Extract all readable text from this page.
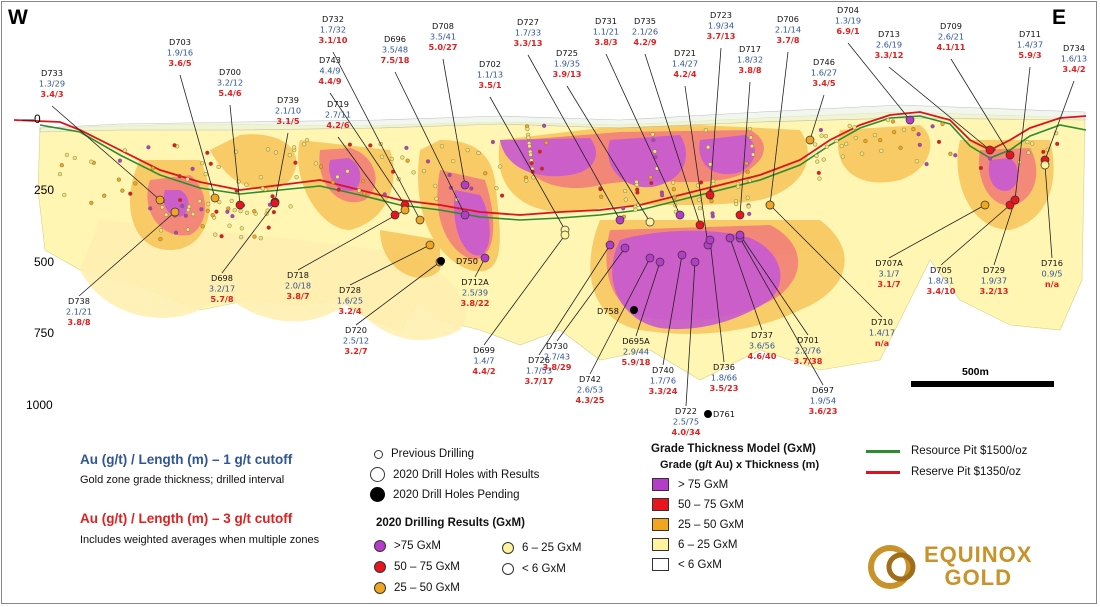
0
250
500
750
1000
D733
1.3/29
3.4/3
D703
1.9/16
3.6/5
D700
3.2/12
5.4/6
D739
2.1/10
3.1/5
D732
1.7/32
3.1/10
D743
4.4/9
4.4/9
D719
2.7/11
4.2/6
D696
3.5/48
7.5/18
D708
3.5/41
5.0/27
D702
1.1/13
3.5/1
D727
1.7/33
3.3/13
D725
1.9/35
3.9/13
D731
1.1/21
3.8/3
D735
2.1/26
4.2/9
D721
1.4/27
4.2/4
D723
1.9/34
3.7/13
D717
1.8/32
3.8/8
D706
2.1/14
3.7/8
D704
1.3/19
6.9/1
D746
1.6/27
3.4/5
D713
2.6/19
3.3/12
D709
2.6/21
4.1/11
D711
1.4/37
5.9/3
D734
1.6/13
3.4/2
D738
2.1/21
3.8/8
D698
3.2/17
5.7/8
D718
2.0/18
3.8/7
D728
1.6/25
3.2/4
D720
2.5/12
3.2/7
D712A
2.5/39
3.8/22
D699
1.4/7
4.4/2
D726
1.7/53
3.7/17
D730
2.7/43
3.8/29
D742
2.6/53
4.3/25
D695A
2.9/44
5.9/18
D740
1.7/76
3.3/24
D722
2.5/75
4.0/34
D736
1.8/66
3.5/23
D737
3.6/56
4.6/40
D697
1.9/54
3.6/23
D701
2.2/76
3.7/38
D710
1.4/17
n/a
D707A
3.1/7
3.1/7
D705
1.8/31
3.4/10
D729
1.9/37
3.2/13
D716
0.9/5
n/a
D750
D758
D761
W	E
500m
Au (g/t) / Length (m) – 1 g/t cutoff
Gold zone grade thickness; drilled interval
Au (g/t) / Length (m) – 3 g/t cutoff
Includes weighted averages when multiple zones
Previous Drilling
2020 Drill Holes with Results
2020 Drill Holes Pending
2020 Drilling Results (GxM)
>75 GxM
50 – 75 GxM
25 – 50 GxM
6 – 25 GxM
< 6 GxM
Grade Thickness Model (GxM)
Grade (g/t Au) x Thickness (m)
> 75 GxM
50 – 75 GxM
25 – 50 GxM
6 – 25 GxM
< 6 GxM
Resource Pit $1500/oz
Reserve Pit $1350/oz
EQUINOX
GOLD
